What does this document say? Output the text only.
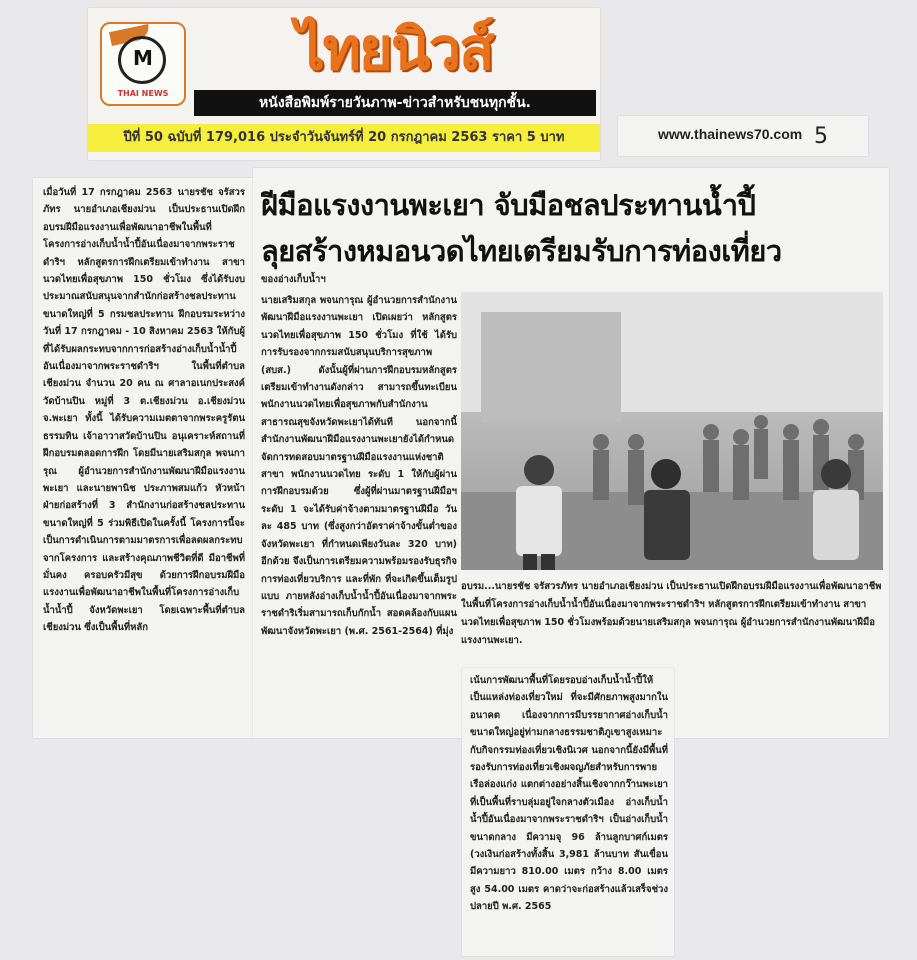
M
THAI NEWS
ไทยนิวส์
หนังสือพิมพ์รายวันภาพ-ข่าวสำหรับชนทุกชั้น.
ปีที่ 50 ฉบับที่ 179,016 ประจำวันจันทร์ที่ 20 กรกฎาคม 2563 ราคา 5 บาท	www.thainews70.com 5
เมื่อวันที่ 17 กรกฎาคม 2563 นายรชัช จรัสวรภัทร นายอำเภอเชียงม่วน เป็นประธานเปิดฝึกอบรมฝีมือแรงงานเพื่อพัฒนาอาชีพในพื้นที่โครงการอ่างเก็บน้ำน้ำปี้อันเนื่องมาจากพระราชดำริฯ หลักสูตรการฝึกเตรียมเข้าทำงาน สาขา นวดไทยเพื่อสุขภาพ 150 ชั่วโมง ซึ่งได้รับงบประมาณสนับสนุนจากสำนักก่อสร้างชลประทานขนาดใหญ่ที่ 5 กรมชลประทาน ฝึกอบรมระหว่างวันที่ 17 กรกฎาคม - 10 สิงหาคม 2563 ให้กับผู้ที่ได้รับผลกระทบจากการก่อสร้างอ่างเก็บน้ำน้ำปี้ อันเนื่องมาจากพระราชดำริฯ ในพื้นที่ตำบลเชียงม่วน จำนวน 20 คน ณ ศาลาอเนกประสงค์ วัดบ้านปิน หมู่ที่ 3 ต.เชียงม่วน อ.เชียงม่วน จ.พะเยา ทั้งนี้ ได้รับความเมตตาจากพระครูรัตนธรรมทิน เจ้าอาวาสวัดบ้านปิน อนุเคราะห์สถานที่ฝึกอบรมตลอดการฝึก โดยมีนายเสริมสกุล พจนการุณ ผู้อำนวยการสำนักงานพัฒนาฝีมือแรงงานพะเยา และนายพานิช ประภาพสมแก้ว หัวหน้าฝ่ายก่อสร้างที่ 3 สำนักงานก่อสร้างชลประทานขนาดใหญ่ที่ 5 ร่วมพิธีเปิดในครั้งนี้ โครงการนี้จะเป็นการดำเนินการตามมาตรการเพื่อลดผลกระทบจากโครงการ และสร้างคุณภาพชีวิตที่ดี มีอาชีพที่มั่นคง ครอบครัวมีสุข ด้วยการฝึกอบรมฝีมือแรงงานเพื่อพัฒนาอาชีพในพื้นที่โครงการอ่างเก็บน้ำน้ำปี้ จังหวัดพะเยา โดยเฉพาะพื้นที่ตำบลเชียงม่วน ซึ่งเป็นพื้นที่หลัก
ฝีมือแรงงานพะเยา จับมือชลประทานน้ำปี้
ลุยสร้างหมอนวดไทยเตรียมรับการท่องเที่ยว
ของอ่างเก็บน้ำฯ
นายเสริมสกุล พจนการุณ ผู้อำนวยการสำนักงานพัฒนาฝีมือแรงงานพะเยา เปิดเผยว่า หลักสูตร นวดไทยเพื่อสุขภาพ 150 ชั่วโมง ที่ใช้ ได้รับการรับรองจากกรมสนับสนุนบริการสุขภาพ (สบส.) ดังนั้นผู้ที่ผ่านการฝึกอบรมหลักสูตรเตรียมเข้าทำงานดังกล่าว สามารถขึ้นทะเบียนพนักงานนวดไทยเพื่อสุขภาพกับสำนักงานสาธารณสุขจังหวัดพะเยาได้ทันที นอกจากนี้ สำนักงานพัฒนาฝีมือแรงงานพะเยายังได้กำหนดจัดการทดสอบมาตรฐานฝีมือแรงงานแห่งชาติ สาขา พนักงานนวดไทย ระดับ 1 ให้กับผู้ผ่านการฝึกอบรมด้วย ซึ่งผู้ที่ผ่านมาตรฐานฝีมือฯ ระดับ 1 จะได้รับค่าจ้างตามมาตรฐานฝีมือ วันละ 485 บาท (ซึ่งสูงกว่าอัตราค่าจ้างขั้นต่ำของจังหวัดพะเยา ที่กำหนดเพียงวันละ 320 บาท) อีกด้วย จึงเป็นการเตรียมความพร้อมรองรับธุรกิจการท่องเที่ยวบริการ และที่พัก ที่จะเกิดขึ้นเต็มรูปแบบ ภายหลังอ่างเก็บน้ำน้ำปี้อันเนื่องมาจากพระราชดำริเริ่มสามารถเก็บกักน้ำ สอดคล้องกับแผนพัฒนาจังหวัดพะเยา (พ.ศ. 2561-2564) ที่มุ่ง
อบรม...นายรชัช จรัสวรภัทร นายอำเภอเชียงม่วน เป็นประธานเปิดฝึกอบรมฝีมือแรงงานเพื่อพัฒนาอาชีพในพื้นที่โครงการอ่างเก็บน้ำน้ำปี้อันเนื่องมาจากพระราชดำริฯ หลักสูตรการฝึกเตรียมเข้าทำงาน สาขา นวดไทยเพื่อสุขภาพ 150 ชั่วโมงพร้อมด้วยนายเสริมสกุล พจนการุณ ผู้อำนวยการสำนักงานพัฒนาฝีมือแรงงานพะเยา.
เน้นการพัฒนาพื้นที่โดยรอบอ่างเก็บน้ำน้ำปี้ให้เป็นแหล่งท่องเที่ยวใหม่ ที่จะมีศักยภาพสูงมากในอนาคต เนื่องจากการมีบรรยากาศอ่างเก็บน้ำขนาดใหญ่อยู่ท่ามกลางธรรมชาติภูเขาสูงเหมาะกับกิจกรรมท่องเที่ยวเชิงนิเวศ นอกจากนี้ยังมีพื้นที่รองรับการท่องเที่ยวเชิงผจญภัยสำหรับการพายเรือล่องแก่ง แตกต่างอย่างสิ้นเชิงจากกว๊านพะเยาที่เป็นพื้นที่ราบลุ่มอยู่ใจกลางตัวเมือง อ่างเก็บน้ำน้ำปี้อันเนื่องมาจากพระราชดำริฯ เป็นอ่างเก็บน้ำขนาดกลาง มีความจุ 96 ล้านลูกบาศก์เมตร (วงเงินก่อสร้างทั้งสิ้น 3,981 ล้านบาท สันเขื่อนมีความยาว 810.00 เมตร กว้าง 8.00 เมตร สูง 54.00 เมตร คาดว่าจะก่อสร้างแล้วเสร็จช่วงปลายปี พ.ศ. 2565
